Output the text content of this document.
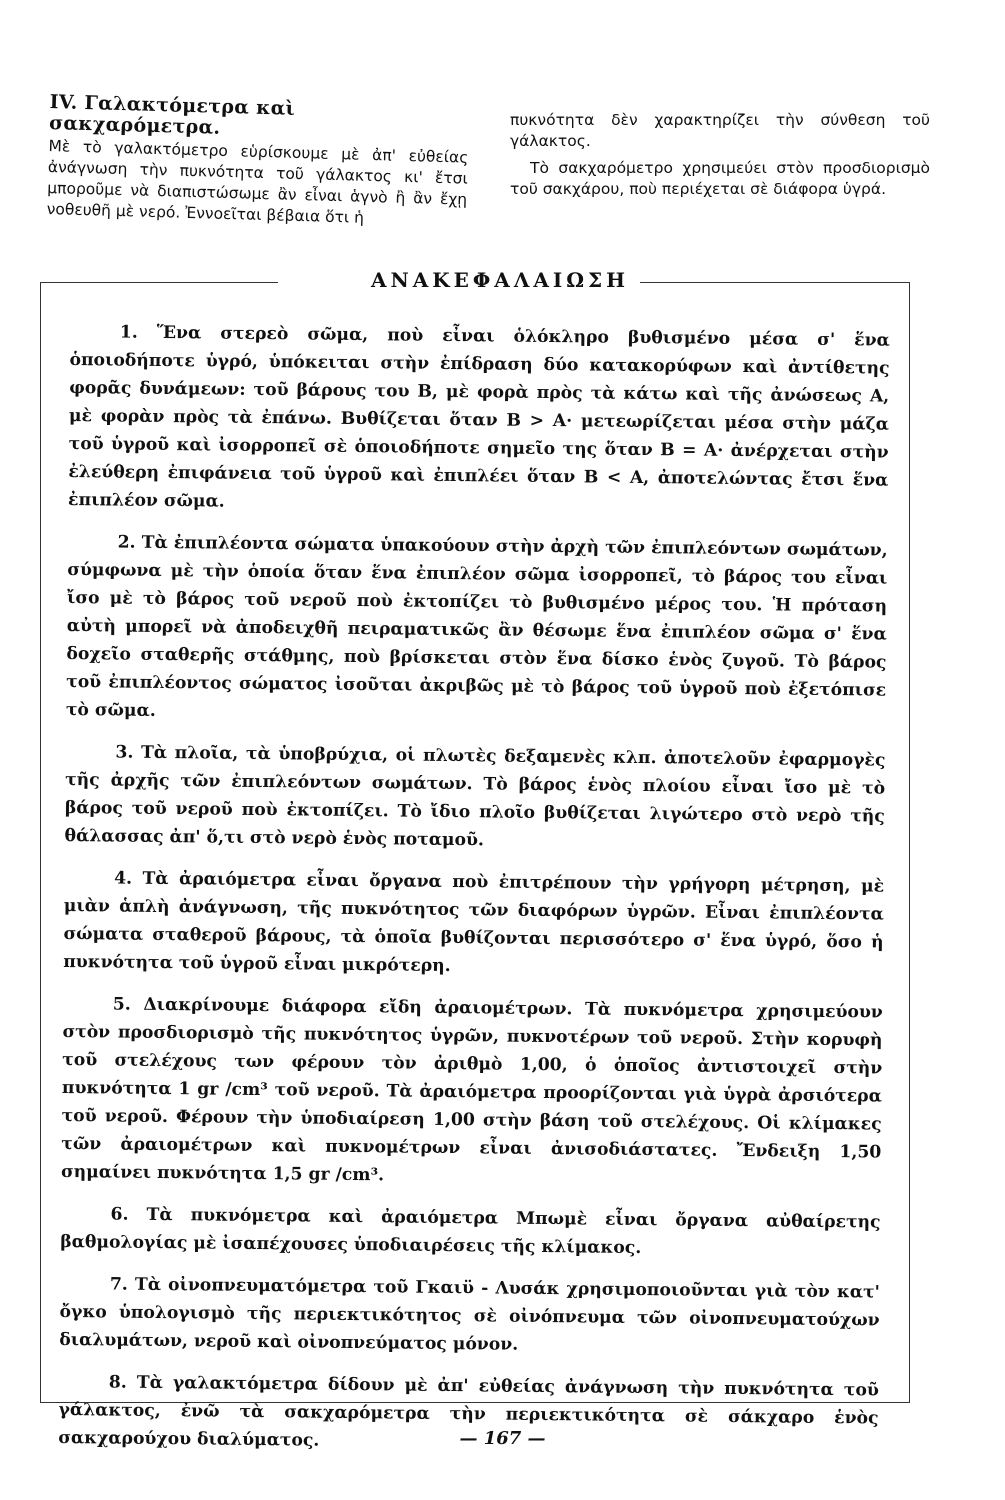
IV. Γαλακτόμετρα καὶ σακχαρόμετρα.

Μὲ τὸ γαλακτόμετρο εὑρίσκουμε μὲ ἀπ' εὐθείας ἀνάγνωση τὴν πυκνότητα τοῦ γάλακτος κι' ἔτσι μποροῦμε νὰ διαπιστώσωμε ἂν εἶναι ἁγνὸ ἢ ἂν ἔχῃ νοθευθῆ μὲ νερό. Ἐννοεῖται βέβαια ὅτι ἡ

πυκνότητα δὲν χαρακτηρίζει τὴν σύνθεση τοῦ γάλακτος.

Τὸ σακχαρόμετρο χρησιμεύει στὸν προσδιορισμὸ τοῦ σακχάρου, ποὺ περιέχεται σὲ διάφορα ὑγρά.

ΑΝΑΚΕΦΑΛΑΙΩΣΗ

1. Ἕνα στερεὸ σῶμα, ποὺ εἶναι ὁλόκληρο βυθισμένο μέσα σ' ἕνα ὁποιοδήποτε ὑγρό, ὑπόκειται στὴν ἐπίδραση δύο κατακορύφων καὶ ἀντίθετης φορᾶς δυνάμεων: τοῦ βάρους του Β, μὲ φορὰ πρὸς τὰ κάτω καὶ τῆς ἀνώσεως Α, μὲ φορὰν πρὸς τὰ ἐπάνω. Βυθίζεται ὅταν Β > Α· μετεωρίζεται μέσα στὴν μάζα τοῦ ὑγροῦ καὶ ἰσορροπεῖ σὲ ὁποιοδήποτε σημεῖο της ὅταν Β = Α· ἀνέρχεται στὴν ἐλεύθερη ἐπιφάνεια τοῦ ὑγροῦ καὶ ἐπιπλέει ὅταν Β < Α, ἀποτελώντας ἔτσι ἕνα ἐπιπλέον σῶμα.

2. Τὰ ἐπιπλέοντα σώματα ὑπακούουν στὴν ἀρχὴ τῶν ἐπιπλεόντων σωμάτων, σύμφωνα μὲ τὴν ὁποία ὅταν ἕνα ἐπιπλέον σῶμα ἰσορροπεῖ, τὸ βάρος του εἶναι ἴσο μὲ τὸ βάρος τοῦ νεροῦ ποὺ ἐκτοπίζει τὸ βυθισμένο μέρος του. Ἡ πρόταση αὐτὴ μπορεῖ νὰ ἀποδειχθῆ πειραματικῶς ἂν θέσωμε ἕνα ἐπιπλέον σῶμα σ' ἕνα δοχεῖο σταθερῆς στάθμης, ποὺ βρίσκεται στὸν ἕνα δίσκο ἑνὸς ζυγοῦ. Τὸ βάρος τοῦ ἐπιπλέοντος σώματος ἰσοῦται ἀκριβῶς μὲ τὸ βάρος τοῦ ὑγροῦ ποὺ ἐξετόπισε τὸ σῶμα.

3. Τὰ πλοῖα, τὰ ὑποβρύχια, οἱ πλωτὲς δεξαμενὲς κλπ. ἀποτελοῦν ἐφαρμογὲς τῆς ἀρχῆς τῶν ἐπιπλεόντων σωμάτων. Τὸ βάρος ἑνὸς πλοίου εἶναι ἴσο μὲ τὸ βάρος τοῦ νεροῦ ποὺ ἐκτοπίζει. Τὸ ἴδιο πλοῖο βυθίζεται λιγώτερο στὸ νερὸ τῆς θάλασσας ἀπ' ὅ,τι στὸ νερὸ ἑνὸς ποταμοῦ.

4. Τὰ ἀραιόμετρα εἶναι ὄργανα ποὺ ἐπιτρέπουν τὴν γρήγορη μέτρηση, μὲ μιὰν ἁπλὴ ἀνάγνωση, τῆς πυκνότητος τῶν διαφόρων ὑγρῶν. Εἶναι ἐπιπλέοντα σώματα σταθεροῦ βάρους, τὰ ὁποῖα βυθίζονται περισσότερο σ' ἕνα ὑγρό, ὅσο ἡ πυκνότητα τοῦ ὑγροῦ εἶναι μικρότερη.

5. Διακρίνουμε διάφορα εἴδη ἀραιομέτρων. Τὰ πυκνόμετρα χρησιμεύουν στὸν προσδιορισμὸ τῆς πυκνότητος ὑγρῶν, πυκνοτέρων τοῦ νεροῦ. Στὴν κορυφὴ τοῦ στελέχους των φέρουν τὸν ἀριθμὸ 1,00, ὁ ὁποῖος ἀντιστοιχεῖ στὴν πυκνότητα 1 gr /cm³ τοῦ νεροῦ. Τὰ ἀραιόμετρα προορίζονται γιὰ ὑγρὰ ἀρσιότερα τοῦ νεροῦ. Φέρουν τὴν ὑποδιαίρεση 1,00 στὴν βάση τοῦ στελέχους. Οἱ κλίμακες τῶν ἀραιομέτρων καὶ πυκνομέτρων εἶναι ἀνισοδιάστατες. Ἔνδειξη 1,50 σημαίνει πυκνότητα 1,5 gr /cm³.

6. Τὰ πυκνόμετρα καὶ ἀραιόμετρα Μπωμὲ εἶναι ὄργανα αὐθαίρετης βαθμολογίας μὲ ἰσαπέχουσες ὑποδιαιρέσεις τῆς κλίμακος.

7. Τὰ οἰνοπνευματόμετρα τοῦ Γκαιϋ - Λυσάκ χρησιμοποιοῦνται γιὰ τὸν κατ' ὄγκο ὑπολογισμὸ τῆς περιεκτικότητος σὲ οἰνόπνευμα τῶν οἰνοπνευματούχων διαλυμάτων, νεροῦ καὶ οἰνοπνεύματος μόνον.

8. Τὰ γαλακτόμετρα δίδουν μὲ ἀπ' εὐθείας ἀνάγνωση τὴν πυκνότητα τοῦ γάλακτος, ἐνῶ τὰ σακχαρόμετρα τὴν περιεκτικότητα σὲ σάκχαρο ἑνὸς σακχαρούχου διαλύματος.	— 167 —
